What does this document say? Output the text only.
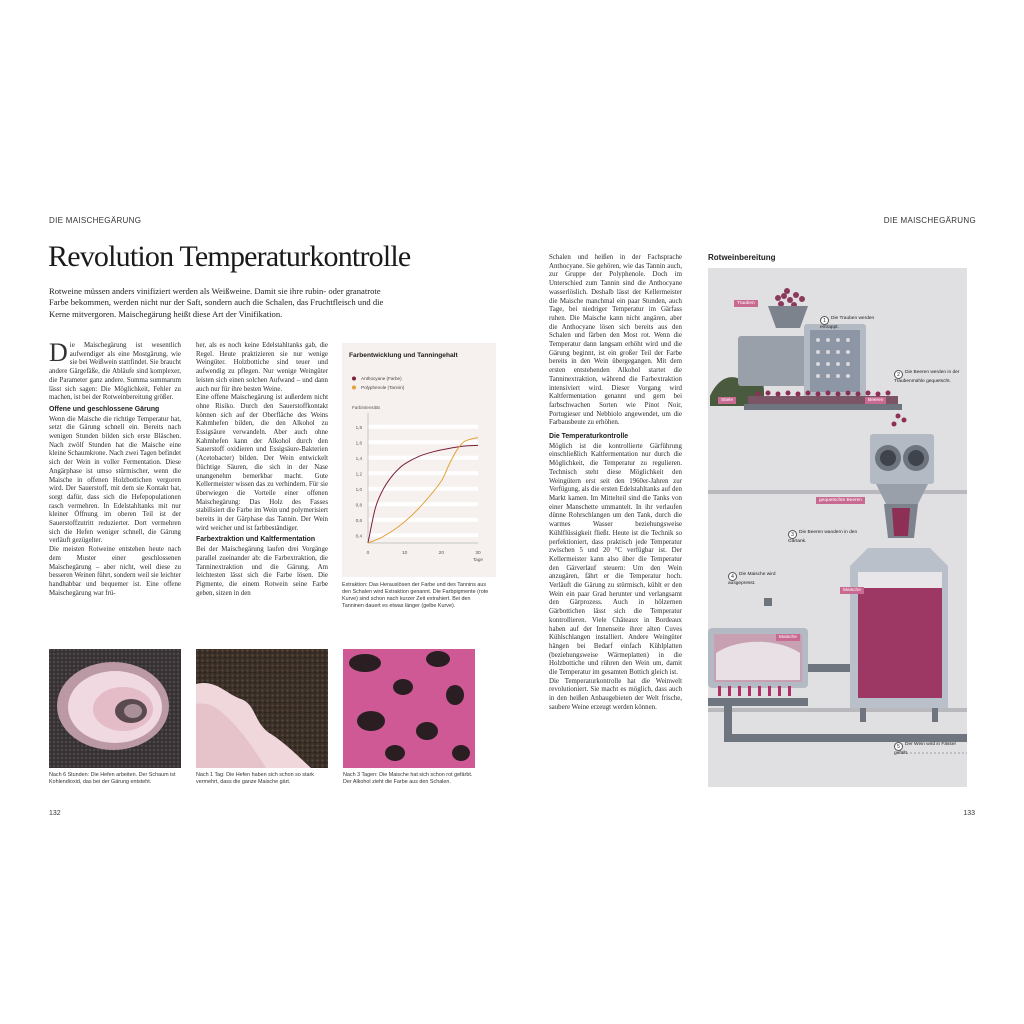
DIE MAISCHEGÄRUNG	DIE MAISCHEGÄRUNG
Revolution Temperaturkontrolle
Rotweine müssen anders vinifiziert werden als Weißweine. Damit sie ihre rubin- oder granatrote Farbe bekommen, werden nicht nur der Saft, sondern auch die Schalen, das Fruchtfleisch und die Kerne mitvergoren. Maischegärung heißt diese Art der Vinifikation.

Die Maischegärung ist wesentlich aufwendiger als eine Mostgärung, wie sie bei Weißwein stattfindet. Sie braucht andere Gärgefäße, die Abläufe sind komplexer, die Parameter ganz andere. Summa summarum lässt sich sagen: Die Möglichkeit, Fehler zu machen, ist bei der Rotweinbereitung größer.

Offene und geschlossene Gärung

Wenn die Maische die richtige Temperatur hat, setzt die Gärung schnell ein. Bereits nach wenigen Stunden bilden sich erste Bläschen. Nach zwölf Stunden hat die Maische eine kleine Schaumkrone. Nach zwei Tagen befindet sich der Wein in voller Fermentation. Diese Angärphase ist umso stürmischer, wenn die Maische in offenen Holzbottichen vergoren wird. Der Sauerstoff, mit dem sie Kontakt hat, sorgt dafür, dass sich die Hefepopulationen rasch vermehren. In Edelstahltanks mit nur kleiner Öffnung im oberen Teil ist der Sauerstoffzutritt reduzierter. Dort vermehren sich die Hefen weniger schnell, die Gärung verläuft gezügelter.

Die meisten Rotweine entstehen heute nach dem Muster einer geschlossenen Maischegärung – aber nicht, weil diese zu besseren Weinen führt, sondern weil sie leichter handhabbar und bequemer ist. Eine offene Maischegärung war frü-

her, als es noch keine Edelstahltanks gab, die Regel. Heute praktizieren sie nur wenige Weingüter. Holzbottiche sind teuer und aufwendig zu pflegen. Nur wenige Weingüter leisten sich einen solchen Aufwand – und dann auch nur für ihre besten Weine.

Eine offene Maischegärung ist außerdem nicht ohne Risiko. Durch den Sauerstoffkontakt können sich auf der Oberfläche des Weins Kahmhefen bilden, die den Alkohol zu Essigsäure verwandeln. Aber auch ohne Kahmhefen kann der Alkohol durch den Sauerstoff oxidieren und Essigsäure-Bakterien (Acetobacter) bilden. Der Wein entwickelt flüchtige Säuren, die sich in der Nase unangenehm bemerkbar macht. Gute Kellermeister wissen das zu verhindern. Für sie überwiegen die Vorteile einer offenen Maischegärung: Das Holz des Fasses stabilisiert die Farbe im Wein und polymerisiert bereits in der Gärphase das Tannin. Der Wein wird weicher und ist farbbeständiger.

Farbextraktion und Kaltfermentation

Bei der Maischegärung laufen drei Vorgänge parallel zueinander ab: die Farbextraktion, die Tanninextraktion und die Gärung. Am leichtesten lässt sich die Farbe lösen. Die Pigmente, die einem Rotwein seine Farbe geben, sitzen in den

Farbentwicklung und Tanningehalt
0,4
0,6
0,8
1,0
1,2
1,4
1,6
1,8
Farbintensität
0	10	20	30
Tage
Anthocyane (Farbe)
Polyphenole (Tannin)
Extraktion: Das Herauslösen der Farbe und des Tannins aus den Schalen wird Extraktion genannt. Die Farbpigmente (rote Kurve) sind schon nach kurzer Zeit extrahiert. Bei den Tanninen dauert es etwas länger (gelbe Kurve).
Nach 6 Stunden: Die Hefen arbeiten. Der Schaum ist Kohlendioxid, das bei der Gärung entsteht.
Nach 1 Tag: Die Hefen haben sich schon so stark vermehrt, dass die ganze Maische gärt.
Nach 3 Tagen: Die Maische hat sich schon rot gefärbt. Der Alkohol zieht die Farbe aus den Schalen.

Schalen und heißen in der Fachsprache Anthocyane. Sie gehören, wie das Tannin auch, zur Gruppe der Polyphenole. Doch im Unterschied zum Tannin sind die Anthocyane wasserlöslich. Deshalb lässt der Kellermeister die Maische manchmal ein paar Stunden, auch Tage, bei niedriger Temperatur im Gärfass ruhen. Die Maische kann nicht angären, aber die Anthocyane lösen sich bereits aus den Schalen und färben den Most rot. Wenn die Temperatur dann langsam erhöht wird und die Gärung beginnt, ist ein großer Teil der Farbe bereits in den Wein übergegangen. Mit dem ersten entstehenden Alkohol startet die Tanninextraktion, während die Farbextraktion intensiviert wird. Dieser Vorgang wird Kaltfermentation genannt und gern bei farbschwachen Sorten wie Pinot Noir, Portugieser und Nebbiolo angewendet, um die Farbausbeute zu erhöhen.

Die Temperaturkontrolle

Möglich ist die kontrollierte Gärführung einschließlich Kaltfermentation nur durch die Möglichkeit, die Temperatur zu regulieren. Technisch steht diese Möglichkeit den Weingütern erst seit den 1960er-Jahren zur Verfügung, als die ersten Edelstahltanks auf den Markt kamen. Im Mittelteil sind die Tanks von einer Manschette ummantelt. In ihr verlaufen dünne Rohrschlangen um den Tank, durch die warmes Wasser beziehungsweise Kühlflüssigkeit fließt. Heute ist die Technik so perfektioniert, dass praktisch jede Temperatur zwischen 5 und 20 °C verfügbar ist. Der Kellermeister kann also über die Temperatur den Gärverlauf steuern: Um den Wein anzugären, fährt er die Temperatur hoch. Verläuft die Gärung zu stürmisch, kühlt er den Wein ein paar Grad herunter und verlangsamt den Gärprozess. Auch in hölzernen Gärbottichen lässt sich die Temperatur kontrollieren. Viele Châteaux in Bordeaux haben auf der Innenseite ihrer alten Cuves Kühlschlangen installiert. Andere Weingüter hängen bei Bedarf einfach Kühlplatten (beziehungsweise Wärmeplatten) in die Holzbottiche und rühren den Wein um, damit die Temperatur im gesamten Bottich gleich ist.

Die Temperaturkontrolle hat die Weinwelt revolutioniert. Sie macht es möglich, dass auch in den heißen Anbaugebieten der Welt frische, saubere Weine erzeugt werden können.

Rotweinbereitung
Trauben
Stiele	Beeren
gequetschte Beeren
Maische
Maische
1 Die Trauben werden entrappt.
2 Die Beeren werden in der Traubenmühle gequetscht.
3 Die Beeren wandern in den Gärtank.
4 Die Maische wird ausgepresst.
5 Der Wein wird in Fässer gefüllt.
132	133
